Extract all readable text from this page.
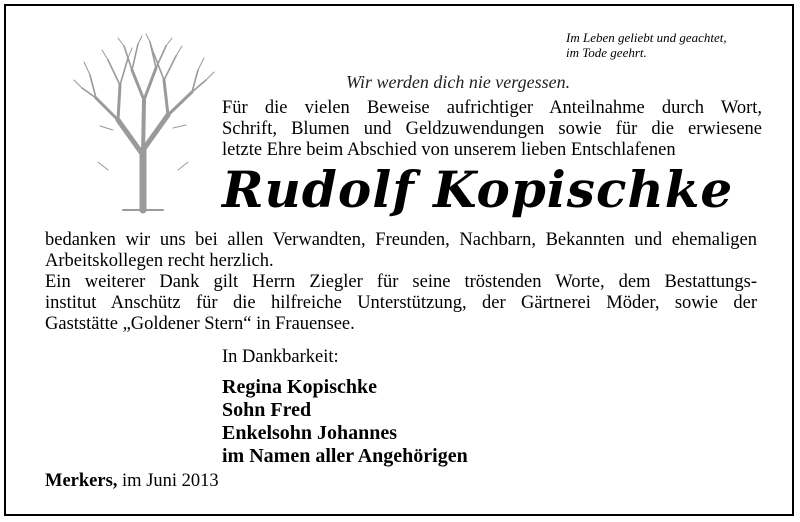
Im Leben geliebt und geachtet,
im Tode geehrt.
Wir werden dich nie vergessen.
Für die vielen Beweise aufrichtiger Anteilnahme durch Wort,
Schrift, Blumen und Geldzuwendungen sowie für die erwiesene
letzte Ehre beim Abschied von unserem lieben Entschlafenen
Rudolf Kopischke
bedanken wir uns bei allen Verwandten, Freunden, Nachbarn, Bekannten und ehemaligen
Arbeitskollegen recht herzlich.
Ein weiterer Dank gilt Herrn Ziegler für seine tröstenden Worte, dem Bestattungs-
institut Anschütz für die hilfreiche Unterstützung, der Gärtnerei Möder, sowie der
Gaststätte „Goldener Stern“ in Frauensee.
In Dankbarkeit:
Regina Kopischke
Sohn Fred
Enkelsohn Johannes
im Namen aller Angehörigen
Merkers, im Juni 2013
